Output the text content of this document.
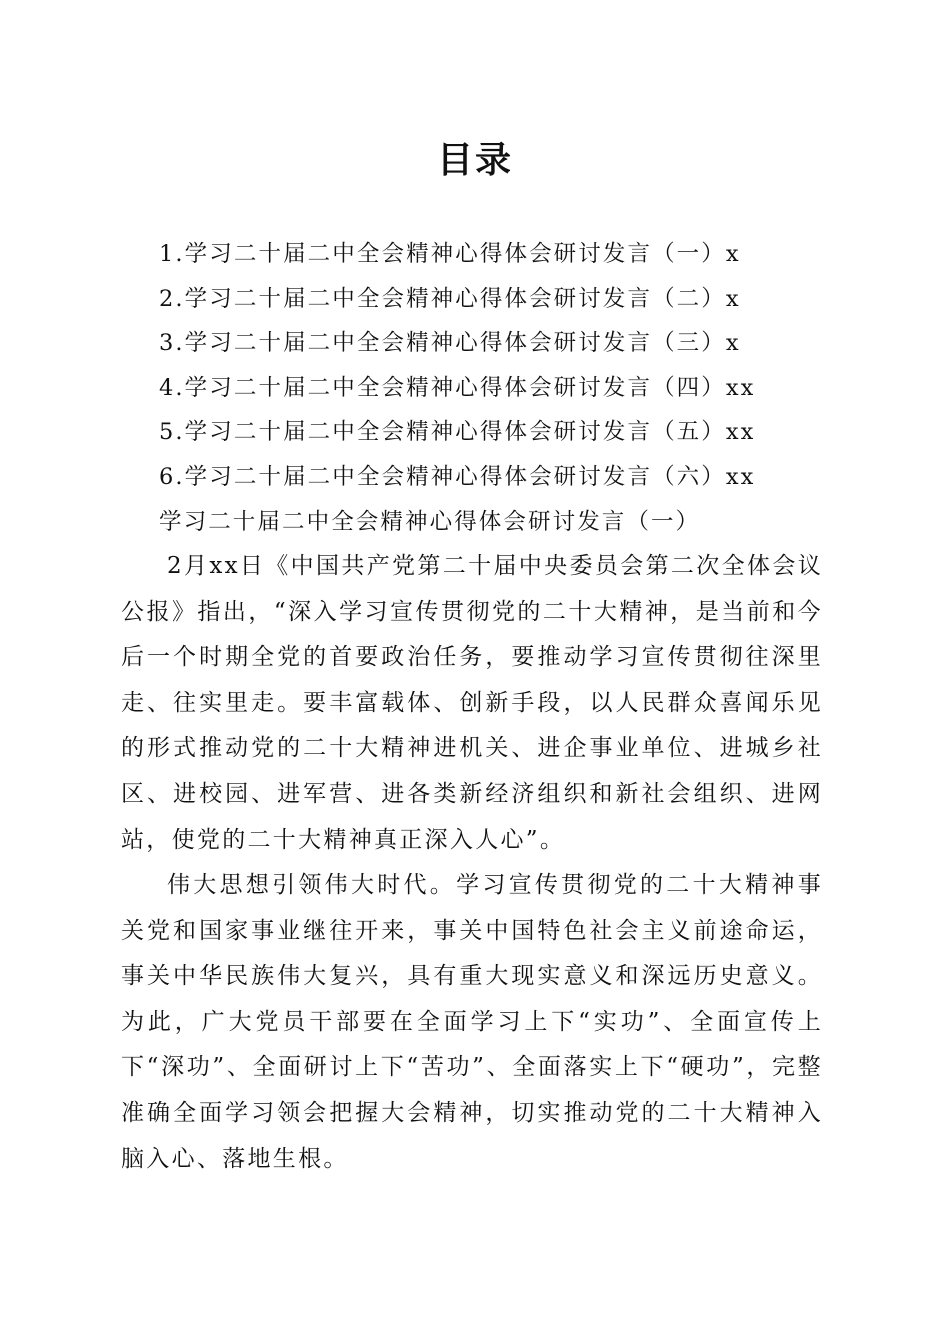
目录
1.学习二十届二中全会精神心得体会研讨发言（一）x
2.学习二十届二中全会精神心得体会研讨发言（二）x
3.学习二十届二中全会精神心得体会研讨发言（三）x
4.学习二十届二中全会精神心得体会研讨发言（四）xx
5.学习二十届二中全会精神心得体会研讨发言（五）xx
6.学习二十届二中全会精神心得体会研讨发言（六）xx
学习二十届二中全会精神心得体会研讨发言（一）

2月xx日《中国共产党第二十届中央委员会第二次全体会议公报》指出，“深入学习宣传贯彻党的二十大精神，是当前和今后一个时期全党的首要政治任务，要推动学习宣传贯彻往深里走、往实里走。要丰富载体、创新手段，以人民群众喜闻乐见的形式推动党的二十大精神进机关、进企事业单位、进城乡社区、进校园、进军营、进各类新经济组织和新社会组织、进网站，使党的二十大精神真正深入人心”。

伟大思想引领伟大时代。学习宣传贯彻党的二十大精神事关党和国家事业继往开来，事关中国特色社会主义前途命运，事关中华民族伟大复兴，具有重大现实意义和深远历史意义。为此，广大党员干部要在全面学习上下“实功”、全面宣传上下“深功”、全面研讨上下“苦功”、全面落实上下“硬功”，完整准确全面学习领会把握大会精神，切实推动党的二十大精神入脑入心、落地生根。
